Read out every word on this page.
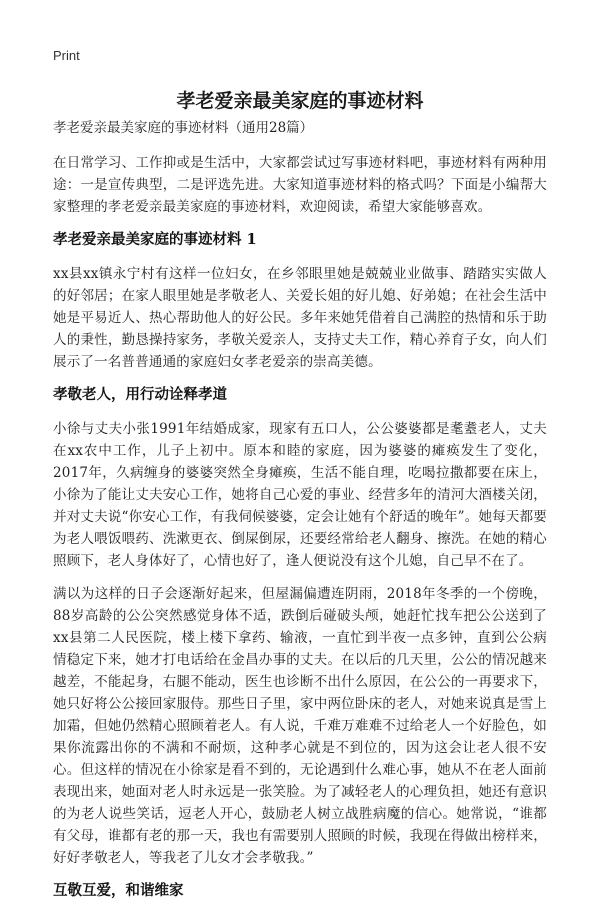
Print
孝老爱亲最美家庭的事迹材料

孝老爱亲最美家庭的事迹材料（通用28篇）

在日常学习、工作抑或是生活中，大家都尝试过写事迹材料吧，事迹材料有两种用途：一是宣传典型，二是评选先进。大家知道事迹材料的格式吗？下面是小编帮大家整理的孝老爱亲最美家庭的事迹材料，欢迎阅读，希望大家能够喜欢。

孝老爱亲最美家庭的事迹材料 1

xx县xx镇永宁村有这样一位妇女，在乡邻眼里她是兢兢业业做事、踏踏实实做人的好邻居；在家人眼里她是孝敬老人、关爱长姐的好儿媳、好弟媳；在社会生活中她是平易近人、热心帮助他人的好公民。多年来她凭借着自己满腔的热情和乐于助人的秉性，勤恳操持家务，孝敬关爱亲人，支持丈夫工作，精心养育子女，向人们展示了一名普普通通的家庭妇女孝老爱亲的崇高美德。

孝敬老人，用行动诠释孝道

小徐与丈夫小张1991年结婚成家，现家有五口人，公公婆婆都是耄耋老人，丈夫在xx农中工作，儿子上初中。原本和睦的家庭，因为婆婆的瘫痪发生了变化，2017年，久病缠身的婆婆突然全身瘫痪，生活不能自理，吃喝拉撒都要在床上，小徐为了能让丈夫安心工作，她将自己心爱的事业、经营多年的清河大酒楼关闭，并对丈夫说“你安心工作，有我伺候婆婆，定会让她有个舒适的晚年”。她每天都要为老人喂饭喂药、洗漱更衣、倒屎倒尿，还要经常给老人翻身、擦洗。在她的精心照顾下，老人身体好了，心情也好了，逢人便说没有这个儿媳，自己早不在了。

满以为这样的日子会逐渐好起来，但屋漏偏遭连阴雨，2018年冬季的一个傍晚，88岁高龄的公公突然感觉身体不适，跌倒后碰破头颅，她赶忙找车把公公送到了xx县第二人民医院，楼上楼下拿药、输液，一直忙到半夜一点多钟，直到公公病情稳定下来，她才打电话给在金昌办事的丈夫。在以后的几天里，公公的情况越来越差，不能起身，右腿不能动，医生也诊断不出什么原因，在公公的一再要求下，她只好将公公接回家服侍。那些日子里，家中两位卧床的老人，对她来说真是雪上加霜，但她仍然精心照顾着老人。有人说，千难万难难不过给老人一个好脸色，如果你流露出你的不满和不耐烦，这种孝心就是不到位的，因为这会让老人很不安心。但这样的情况在小徐家是看不到的，无论遇到什么难心事，她从不在老人面前表现出来，她面对老人时永远是一张笑脸。为了减轻老人的心理负担，她还有意识的为老人说些笑话，逗老人开心，鼓励老人树立战胜病魔的信心。她常说，“谁都有父母，谁都有老的那一天，我也有需要别人照顾的时候，我现在得做出榜样来，好好孝敬老人，等我老了儿女才会孝敬我。”

互敬互爱，和谐维家
